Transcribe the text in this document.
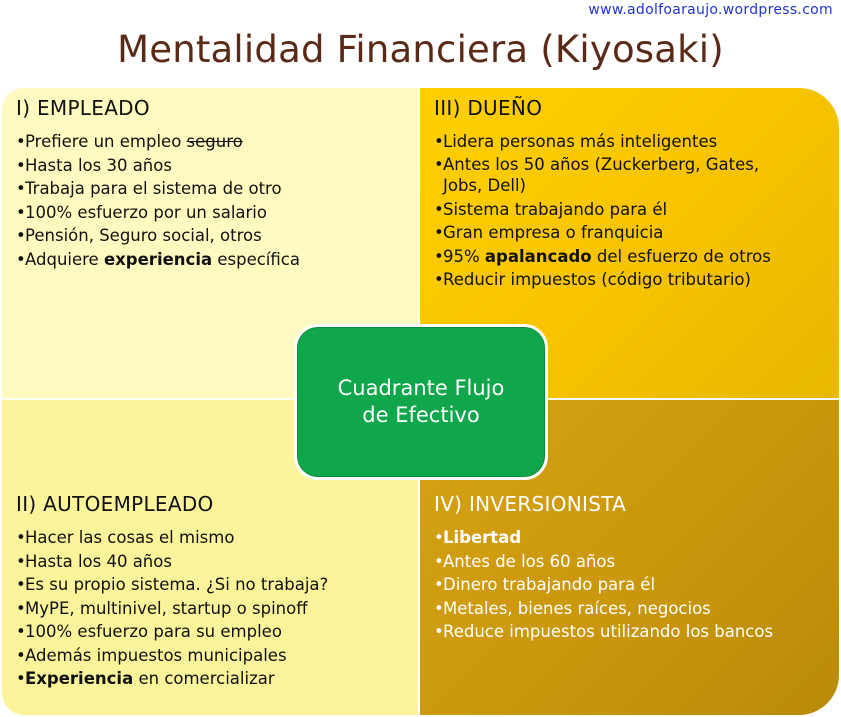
www.adolfoaraujo.wordpress.com
Mentalidad Financiera (Kiyosaki)
I) EMPLEADO
•Prefiere un empleo seguro
•Hasta los 30 años
•Trabaja para el sistema de otro
•100% esfuerzo por un salario
•Pensión, Seguro social, otros
•Adquiere experiencia específica
III) DUEÑO
•Lidera personas más inteligentes
•Antes los 50 años (Zuckerberg, Gates,
Jobs, Dell)
•Sistema trabajando para él
•Gran empresa o franquicia
•95% apalancado del esfuerzo de otros
•Reducir impuestos (código tributario)
II) AUTOEMPLEADO
•Hacer las cosas el mismo
•Hasta los 40 años
•Es su propio sistema. ¿Si no trabaja?
•MyPE, multinivel, startup o spinoff
•100% esfuerzo para su empleo
•Además impuestos municipales
•Experiencia en comercializar
IV) INVERSIONISTA
•Libertad
•Antes de los 60 años
•Dinero trabajando para él
•Metales, bienes raíces, negocios
•Reduce impuestos utilizando los bancos
Cuadrante Flujo
de Efectivo
